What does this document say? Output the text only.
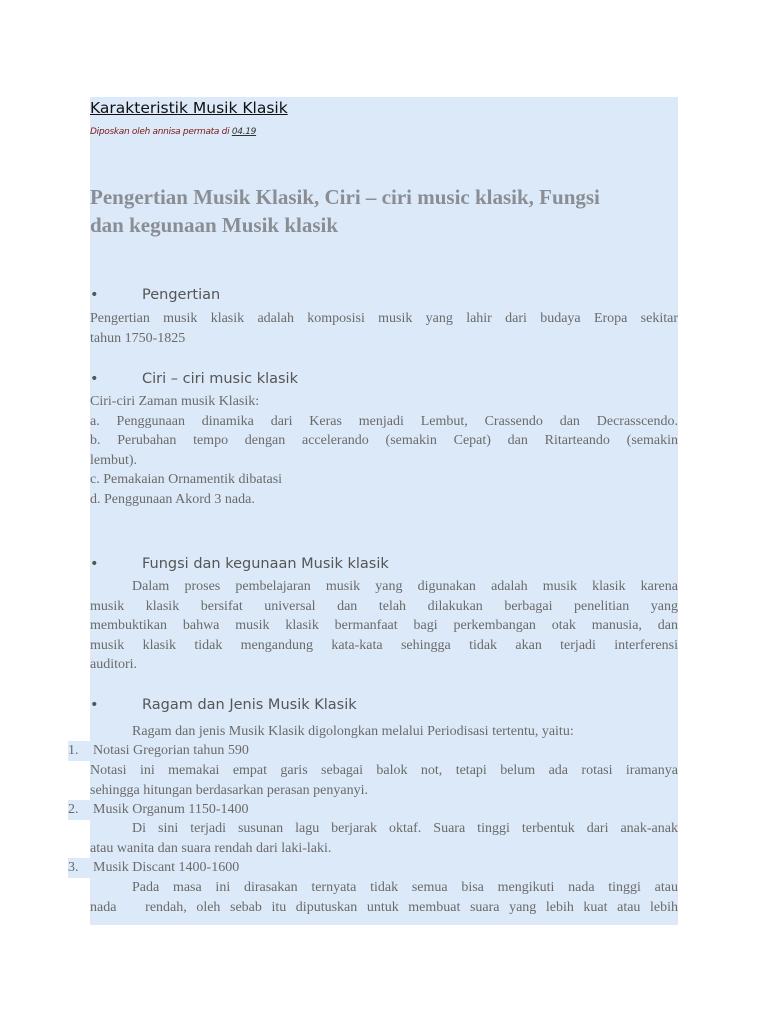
Karakteristik Musik Klasik
Diposkan oleh annisa permata di 04.19
Pengertian Musik Klasik, Ciri – ciri music klasik, Fungsi
dan kegunaan Musik klasik
•	Pengertian
Pengertian musik klasik adalah komposisi musik yang lahir dari budaya Eropa sekitar
tahun 1750-1825
•	Ciri – ciri music klasik
Ciri-ciri Zaman musik Klasik:
a. Penggunaan dinamika dari Keras menjadi Lembut, Crassendo dan Decrasscendo.
b. Perubahan tempo dengan accelerando (semakin Cepat) dan Ritarteando (semakin
lembut).
c. Pemakaian Ornamentik dibatasi
d. Penggunaan Akord 3 nada.
•	Fungsi dan kegunaan Musik klasik
Dalam proses pembelajaran musik yang digunakan adalah musik klasik karena
musik klasik bersifat universal dan telah dilakukan berbagai penelitian yang
membuktikan bahwa musik klasik bermanfaat bagi perkembangan otak manusia, dan
musik klasik tidak mengandung kata-kata sehingga tidak akan terjadi interferensi
auditori.
•	Ragam dan Jenis Musik Klasik
Ragam dan jenis Musik Klasik digolongkan melalui Periodisasi tertentu, yaitu:
1. Notasi Gregorian tahun 590
Notasi ini memakai empat garis sebagai balok not, tetapi belum ada rotasi iramanya
sehingga hitungan berdasarkan perasan penyanyi.
2. Musik Organum 1150-1400
Di sini terjadi susunan lagu berjarak oktaf. Suara tinggi terbentuk dari anak-anak
atau wanita dan suara rendah dari laki-laki.
3. Musik Discant 1400-1600
Pada masa ini dirasakan ternyata tidak semua bisa mengikuti nada tinggi atau
nada   rendah, oleh sebab itu diputuskan untuk membuat suara yang lebih kuat atau lebih
